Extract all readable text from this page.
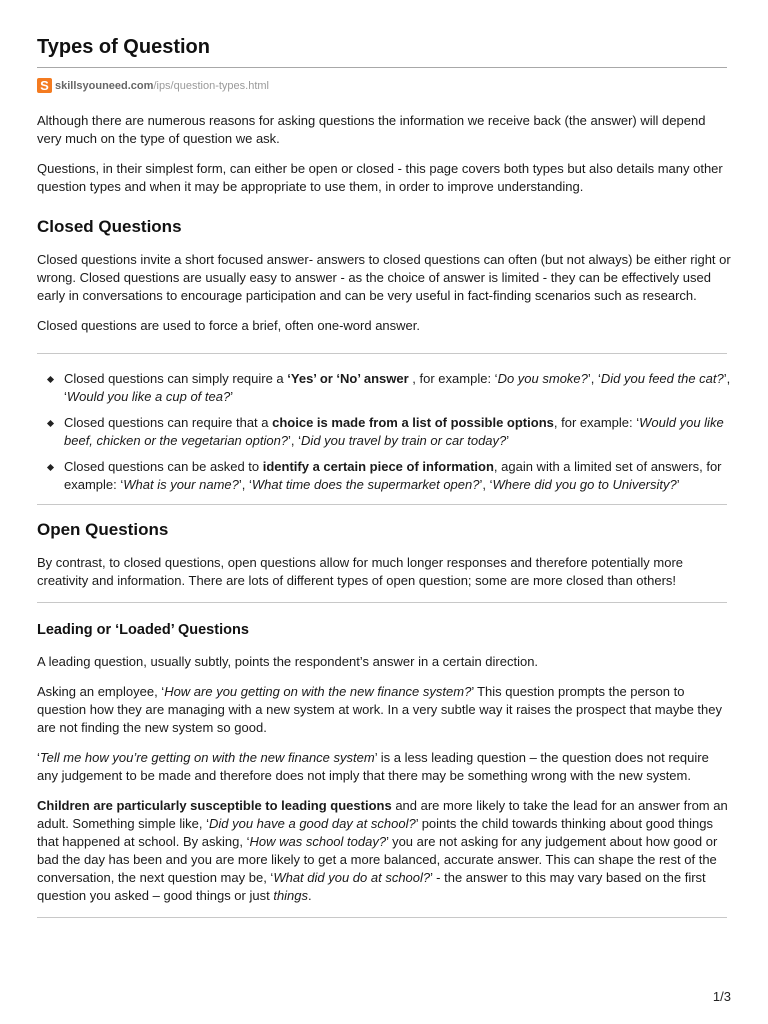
Types of Question
S skillsyouneed.com /ips/question-types.html

Although there are numerous reasons for asking questions the information we receive back (the answer) will depend very much on the type of question we ask.

Questions, in their simplest form, can either be open or closed - this page covers both types but also details many other question types and when it may be appropriate to use them, in order to improve understanding.

Closed Questions

Closed questions invite a short focused answer- answers to closed questions can often (but not always) be either right or wrong. Closed questions are usually easy to answer - as the choice of answer is limited - they can be effectively used early in conversations to encourage participation and can be very useful in fact-finding scenarios such as research.

Closed questions are used to force a brief, often one-word answer.

Closed questions can simply require a ‘Yes’ or ‘No’ answer , for example: ‘Do you smoke?’, ‘Did you feed the cat?’, ‘Would you like a cup of tea?’
Closed questions can require that a choice is made from a list of possible options, for example: ‘Would you like beef, chicken or the vegetarian option?’, ‘Did you travel by train or car today?’
Closed questions can be asked to identify a certain piece of information, again with a limited set of answers, for example: ‘What is your name?’, ‘What time does the supermarket open?’, ‘Where did you go to University?’
Open Questions

By contrast, to closed questions, open questions allow for much longer responses and therefore potentially more creativity and information. There are lots of different types of open question; some are more closed than others!

Leading or ‘Loaded’ Questions

A leading question, usually subtly, points the respondent’s answer in a certain direction.

Asking an employee, ‘How are you getting on with the new finance system?’ This question prompts the person to question how they are managing with a new system at work. In a very subtle way it raises the prospect that maybe they are not finding the new system so good.

‘Tell me how you’re getting on with the new finance system’ is a less leading question – the question does not require any judgement to be made and therefore does not imply that there may be something wrong with the new system.

Children are particularly susceptible to leading questions and are more likely to take the lead for an answer from an adult. Something simple like, ‘Did you have a good day at school?’ points the child towards thinking about good things that happened at school. By asking, ‘How was school today?’ you are not asking for any judgement about how good or bad the day has been and you are more likely to get a more balanced, accurate answer. This can shape the rest of the conversation, the next question may be, ‘What did you do at school?’ - the answer to this may vary based on the first question you asked – good things or just things.

1/3
